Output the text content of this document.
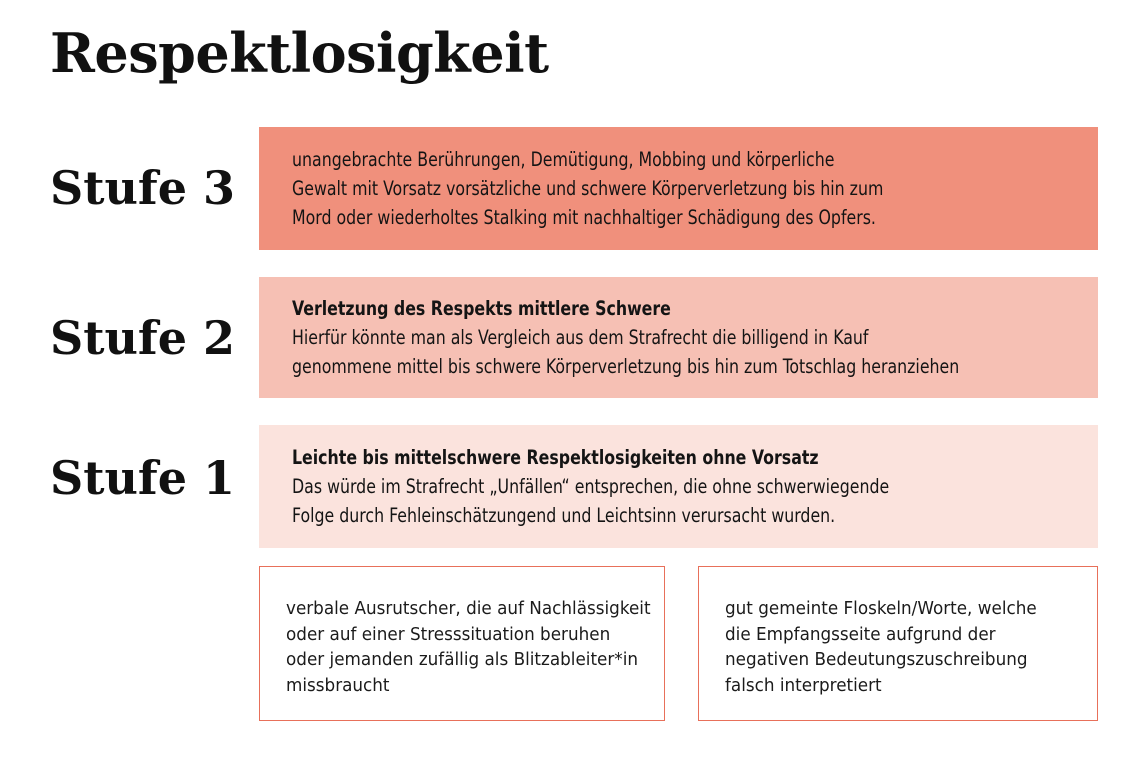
Respektlosigkeit
Stufe 3
unangebrachte Berührungen, Demütigung, Mobbing und körperliche
Gewalt mit Vorsatz vorsätzliche und schwere Körperverletzung bis hin zum
Mord oder wiederholtes Stalking mit nachhaltiger Schädigung des Opfers.
Stufe 2
Verletzung des Respekts mittlere Schwere
Hierfür könnte man als Vergleich aus dem Strafrecht die billigend in Kauf
genommene mittel bis schwere Körperverletzung bis hin zum Totschlag heranziehen
Stufe 1	Leichte bis mittelschwere Respektlosigkeiten ohne Vorsatz
Das würde im Strafrecht „Unfällen“ entsprechen, die ohne schwerwiegende
Folge durch Fehleinschätzungend und Leichtsinn verursacht wurden.
verbale Ausrutscher, die auf Nachlässigkeit
oder auf einer Stresssituation beruhen
oder jemanden zufällig als Blitzableiter*in
missbraucht
gut gemeinte Floskeln/Worte, welche
die Empfangsseite aufgrund der
negativen Bedeutungszuschreibung
falsch interpretiert
